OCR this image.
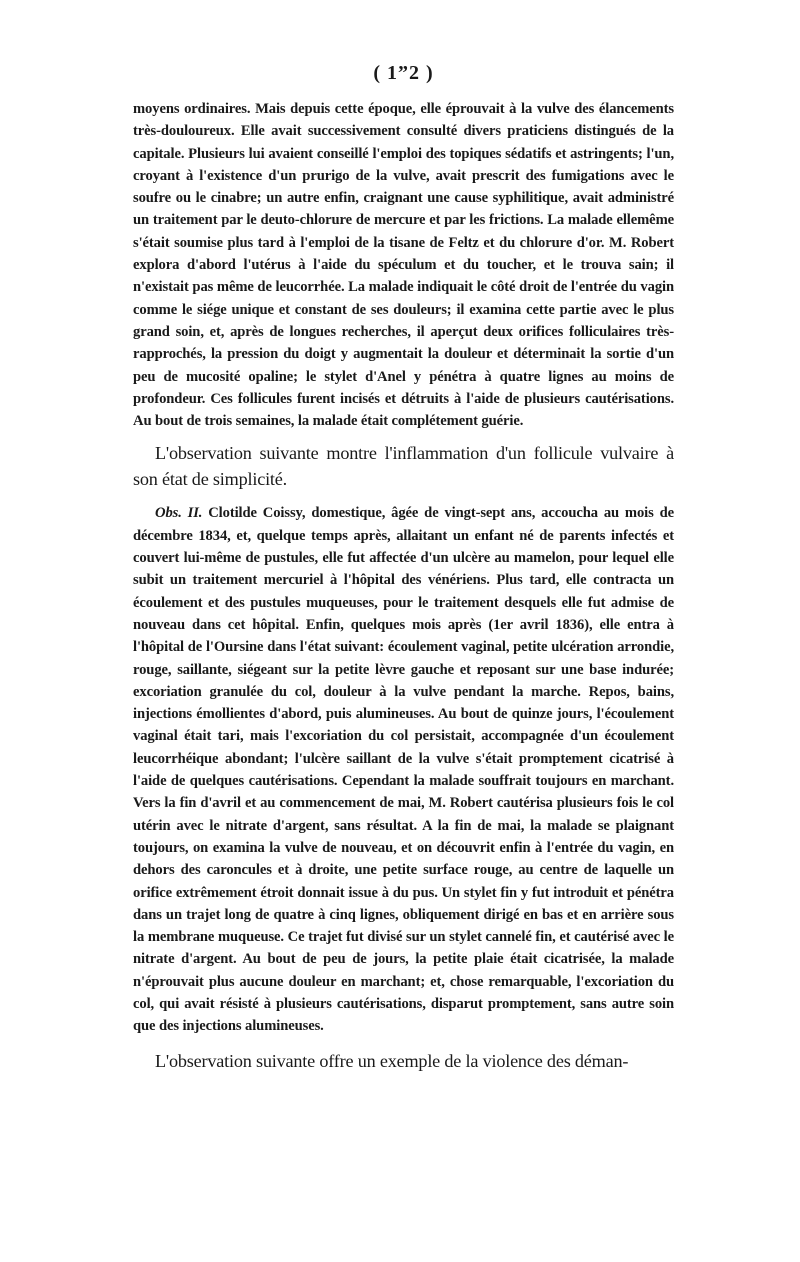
( 1”2 )

moyens ordinaires. Mais depuis cette époque, elle éprouvait à la vulve des élancements très-douloureux. Elle avait successivement consulté divers praticiens distingués de la capitale. Plusieurs lui avaient conseillé l'emploi des topiques sédatifs et astringents; l'un, croyant à l'existence d'un prurigo de la vulve, avait prescrit des fumigations avec le soufre ou le cinabre; un autre enfin, craignant une cause syphilitique, avait administré un traitement par le deuto-chlorure de mercure et par les frictions. La malade ellemême s'était soumise plus tard à l'emploi de la tisane de Feltz et du chlorure d'or. M. Robert explora d'abord l'utérus à l'aide du spéculum et du toucher, et le trouva sain; il n'existait pas même de leucorrhée. La malade indiquait le côté droit de l'entrée du vagin comme le siége unique et constant de ses douleurs; il examina cette partie avec le plus grand soin, et, après de longues recherches, il aperçut deux orifices folliculaires très-rapprochés, la pression du doigt y augmentait la douleur et déterminait la sortie d'un peu de mucosité opaline; le stylet d'Anel y pénétra à quatre lignes au moins de profondeur. Ces follicules furent incisés et détruits à l'aide de plusieurs cautérisations. Au bout de trois semaines, la malade était complétement guérie.

L'observation suivante montre l'inflammation d'un follicule vulvaire à son état de simplicité.

Obs. II. Clotilde Coissy, domestique, âgée de vingt-sept ans, accoucha au mois de décembre 1834, et, quelque temps après, allaitant un enfant né de parents infectés et couvert lui-même de pustules, elle fut affectée d'un ulcère au mamelon, pour lequel elle subit un traitement mercuriel à l'hôpital des vénériens. Plus tard, elle contracta un écoulement et des pustules muqueuses, pour le traitement desquels elle fut admise de nouveau dans cet hôpital. Enfin, quelques mois après (1er avril 1836), elle entra à l'hôpital de l'Oursine dans l'état suivant: écoulement vaginal, petite ulcération arrondie, rouge, saillante, siégeant sur la petite lèvre gauche et reposant sur une base indurée; excoriation granulée du col, douleur à la vulve pendant la marche. Repos, bains, injections émollientes d'abord, puis alumineuses. Au bout de quinze jours, l'écoulement vaginal était tari, mais l'excoriation du col persistait, accompagnée d'un écoulement leucorrhéique abondant; l'ulcère saillant de la vulve s'était promptement cicatrisé à l'aide de quelques cautérisations. Cependant la malade souffrait toujours en marchant. Vers la fin d'avril et au commencement de mai, M. Robert cautérisa plusieurs fois le col utérin avec le nitrate d'argent, sans résultat. A la fin de mai, la malade se plaignant toujours, on examina la vulve de nouveau, et on découvrit enfin à l'entrée du vagin, en dehors des caroncules et à droite, une petite surface rouge, au centre de laquelle un orifice extrêmement étroit donnait issue à du pus. Un stylet fin y fut introduit et pénétra dans un trajet long de quatre à cinq lignes, obliquement dirigé en bas et en arrière sous la membrane muqueuse. Ce trajet fut divisé sur un stylet cannelé fin, et cautérisé avec le nitrate d'argent. Au bout de peu de jours, la petite plaie était cicatrisée, la malade n'éprouvait plus aucune douleur en marchant; et, chose remarquable, l'excoriation du col, qui avait résisté à plusieurs cautérisations, disparut promptement, sans autre soin que des injections alumineuses.

L'observation suivante offre un exemple de la violence des déman-
